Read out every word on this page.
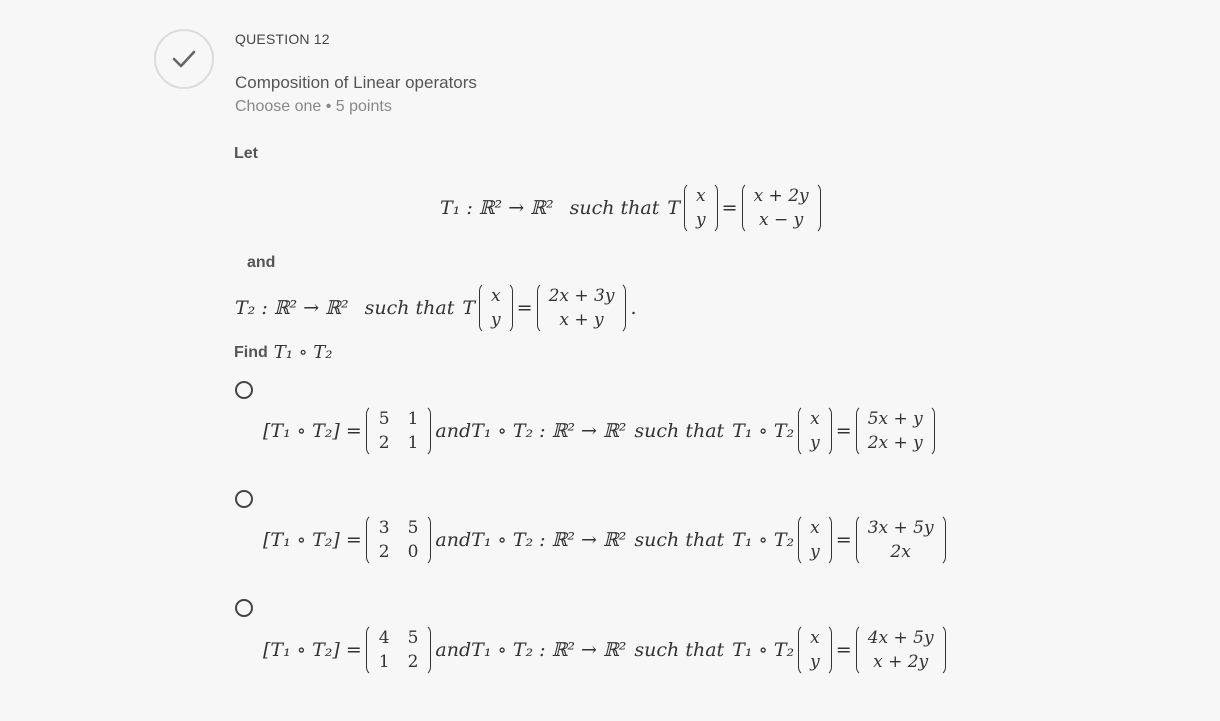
QUESTION 12
Composition of Linear operators
Choose one • 5 points
Let
T₁ : ℝ² → ℝ² such that T
x
y
=
x + 2y
x − y
and
T₂ : ℝ² → ℝ² such that T
x
y
=
2x + 3y
x + y
.
Find T₁ ∘ T₂
[T₁ ∘ T₂] =
5 1
2 1
andT₁ ∘ T₂ : ℝ² → ℝ² such that T₁ ∘ T₂
x
y
=
5x + y
2x + y
[T₁ ∘ T₂] =
3 5
2 0
andT₁ ∘ T₂ : ℝ² → ℝ² such that T₁ ∘ T₂
x
y
=
3x + 5y
2x
[T₁ ∘ T₂] =
4 5
1 2
andT₁ ∘ T₂ : ℝ² → ℝ² such that T₁ ∘ T₂
x
y
=
4x + 5y
x + 2y
